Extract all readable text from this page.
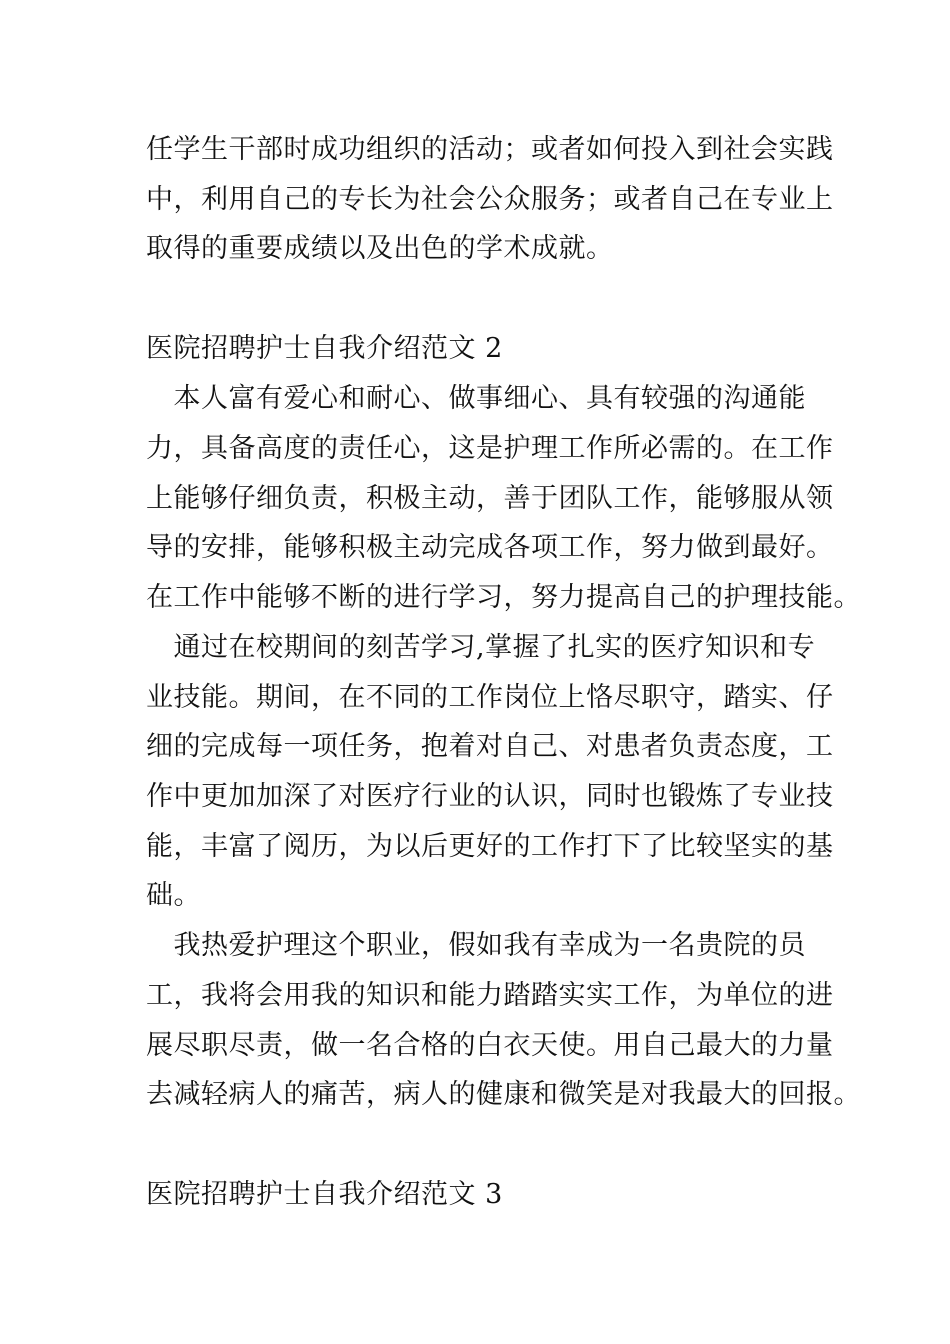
任学生干部时成功组织的活动；或者如何投入到社会实践
中，利用自己的专长为社会公众服务；或者自己在专业上
取得的重要成绩以及出色的学术成就。
医院招聘护士自我介绍范文 2
　本人富有爱心和耐心、做事细心、具有较强的沟通能
力，具备高度的责任心，这是护理工作所必需的。在工作
上能够仔细负责，积极主动，善于团队工作，能够服从领
导的安排，能够积极主动完成各项工作，努力做到最好。
在工作中能够不断的进行学习，努力提高自己的护理技能。
　通过在校期间的刻苦学习,掌握了扎实的医疗知识和专
业技能。期间，在不同的工作岗位上恪尽职守，踏实、仔
细的完成每一项任务，抱着对自己、对患者负责态度，工
作中更加加深了对医疗行业的认识，同时也锻炼了专业技
能，丰富了阅历，为以后更好的工作打下了比较坚实的基
础。
　我热爱护理这个职业，假如我有幸成为一名贵院的员
工，我将会用我的知识和能力踏踏实实工作，为单位的进
展尽职尽责，做一名合格的白衣天使。用自己最大的力量
去减轻病人的痛苦，病人的健康和微笑是对我最大的回报。
医院招聘护士自我介绍范文 3
